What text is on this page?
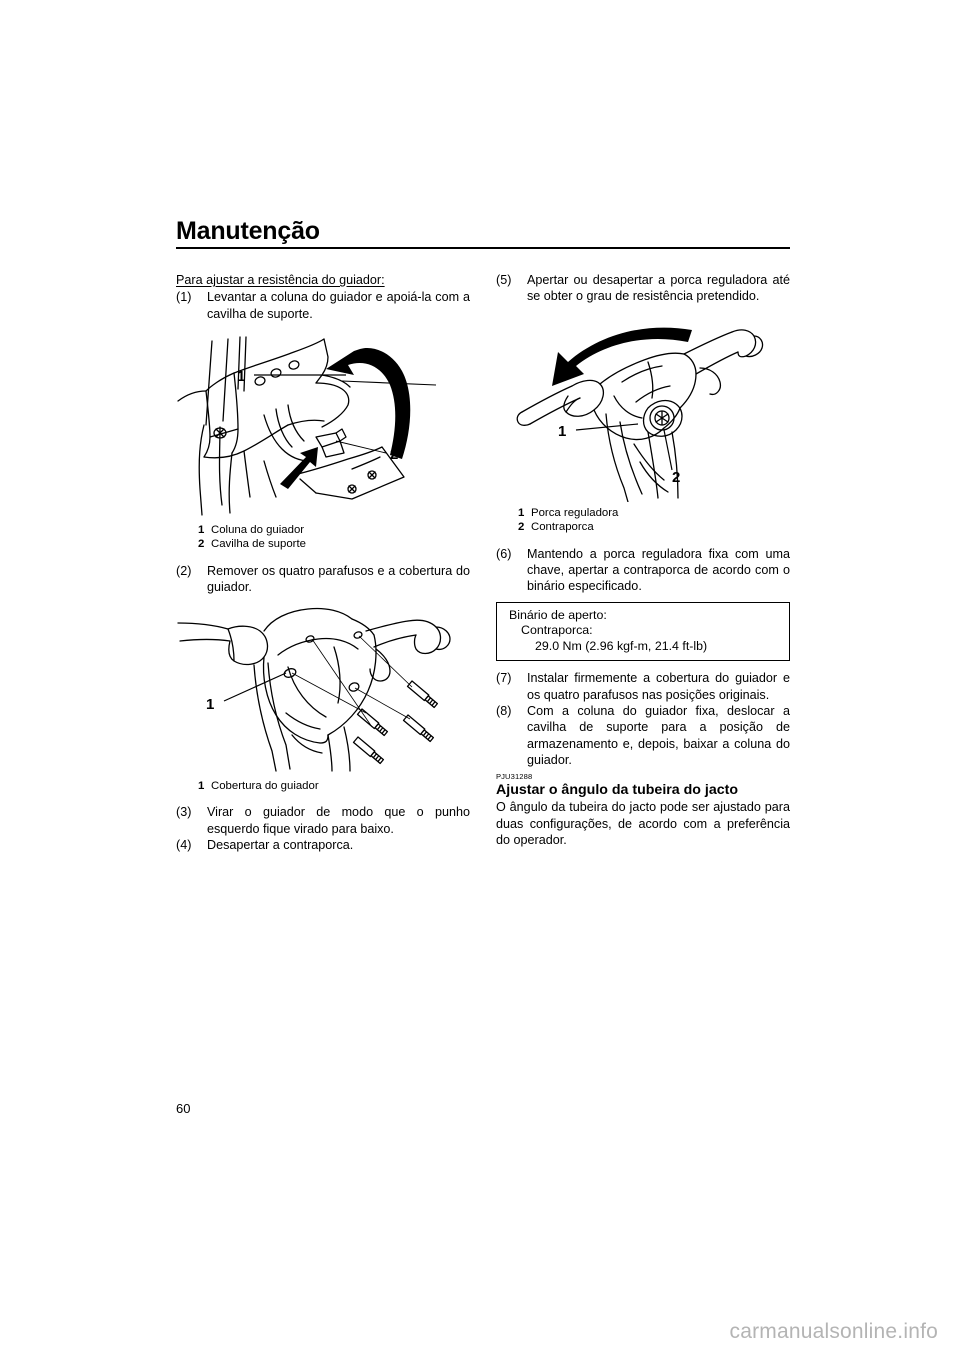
Manutenção
Para ajustar a resistência do guiador:
(1)	Levantar a coluna do guiador e apoiá-la com a cavilha de suporte.
1
1 Coluna do guiador
2 Cavilha de suporte
(2)	Remover os quatro parafusos e a cobertura do guiador.
1
1 Cobertura do guiador
(3)	Virar o guiador de modo que o punho esquerdo fique virado para baixo.
(4)	Desapertar a contraporca.
(5)	Apertar ou desapertar a porca reguladora até se obter o grau de resistência pretendido.
1
2
1 Porca reguladora
2 Contraporca
(6)	Mantendo a porca reguladora fixa com uma chave, apertar a contraporca de acordo com o binário especificado.
Binário de aperto:
Contraporca:
29.0 Nm (2.96 kgf-m, 21.4 ft-lb)
(7)	Instalar firmemente a cobertura do guiador e os quatro parafusos nas posições originais.
(8)	Com a coluna do guiador fixa, deslocar a cavilha de suporte para a posição de armazenamento e, depois, baixar a coluna do guiador.
PJU31288
Ajustar o ângulo da tubeira do jacto
O ângulo da tubeira do jacto pode ser ajustado para duas configurações, de acordo com a preferência do operador.
60
carmanualsonline.info
